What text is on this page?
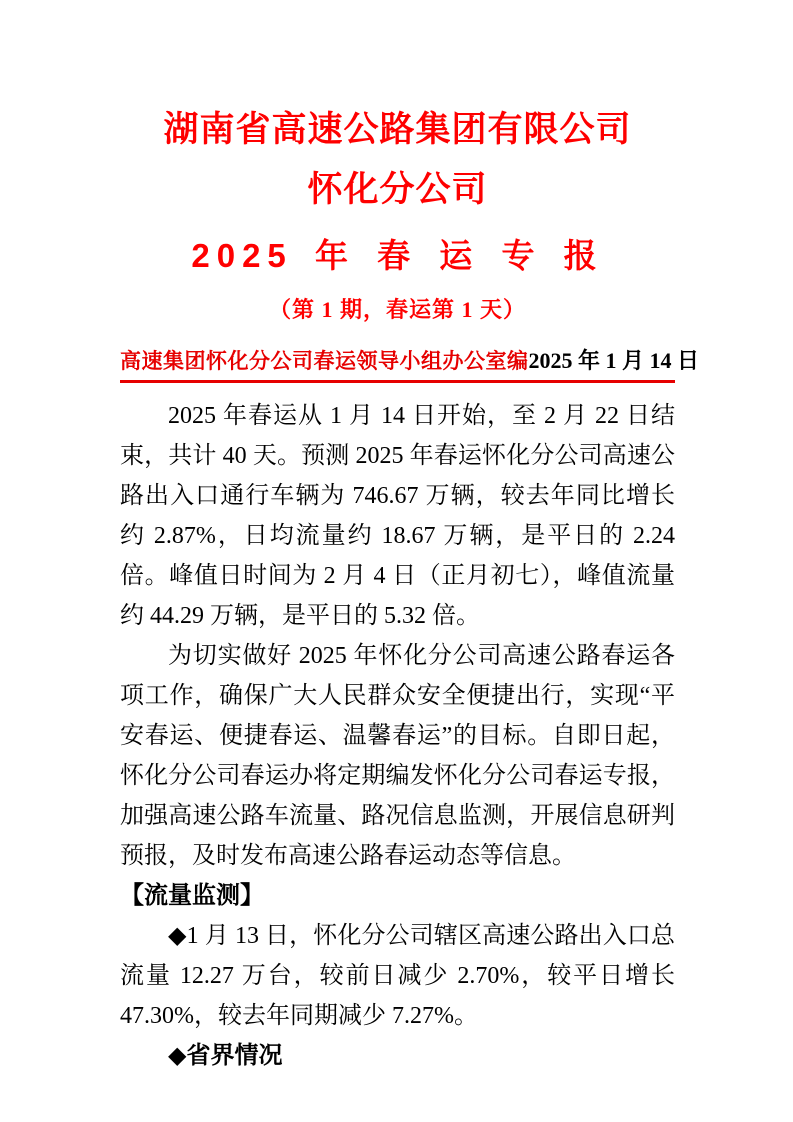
湖南省高速公路集团有限公司
怀化分公司
2025 年 春 运 专 报
（第 1 期，春运第 1 天）
高速集团怀化分公司春运领导小组办公室编 2025 年 1 月 14 日

2025 年春运从 1 月 14 日开始，至 2 月 22 日结束，共计 40 天。预测 2025 年春运怀化分公司高速公路出入口通行车辆为 746.67 万辆，较去年同比增长约 2.87%，日均流量约 18.67 万辆，是平日的 2.24 倍。峰值日时间为 2 月 4 日（正月初七），峰值流量约 44.29 万辆，是平日的 5.32 倍。

为切实做好 2025 年怀化分公司高速公路春运各项工作，确保广大人民群众安全便捷出行，实现“平安春运、便捷春运、温馨春运”的目标。自即日起，怀化分公司春运办将定期编发怀化分公司春运专报，加强高速公路车流量、路况信息监测，开展信息研判预报，及时发布高速公路春运动态等信息。

【流量监测】

◆1 月 13 日，怀化分公司辖区高速公路出入口总流量 12.27 万台，较前日减少 2.70%，较平日增长 47.30%，较去年同期减少 7.27%。

◆省界情况
